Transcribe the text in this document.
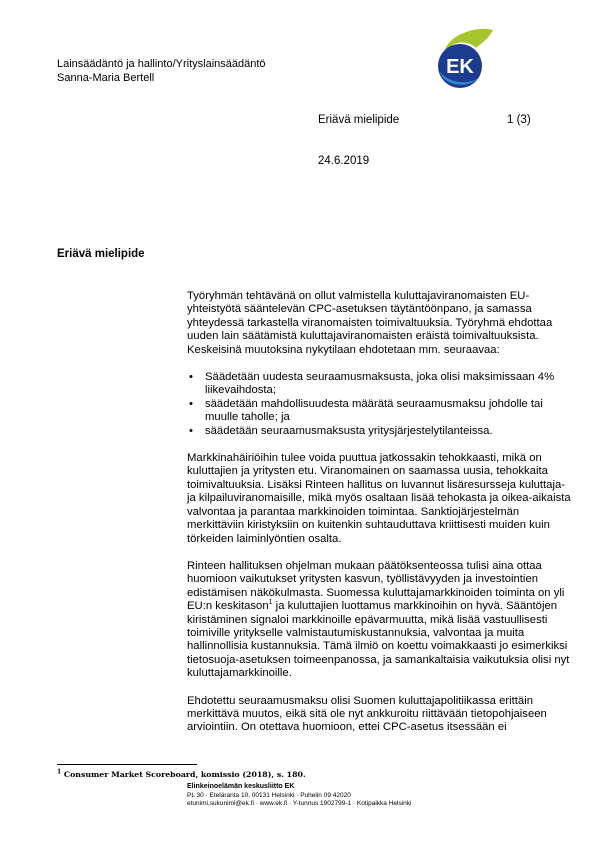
Lainsäädäntö ja hallinto/Yrityslainsäädäntö
Sanna-Maria Bertell	EK
Eriävä mielipide	1 (3)
24.6.2019
Eriävä mielipide

Työryhmän tehtävänä on ollut valmistella kuluttajaviranomaisten EU-yhteistyötä sääntelevän CPC-asetuksen täytäntöönpano, ja samassa yhteydessä tarkastella viranomaisten toimivaltuuksia. Työryhmä ehdottaa uuden lain säätämistä kuluttajaviranomaisten eräistä toimivaltuuksista. Keskeisinä muutoksina nykytilaan ehdotetaan mm. seuraavaa:

• Säädetään uudesta seuraamusmaksusta, joka olisi maksimissaan 4% liikevaihdosta;
• säädetään mahdollisuudesta määrätä seuraamusmaksu johdolle tai muulle taholle; ja
• säädetään seuraamusmaksusta yritysjärjestelytilanteissa.

Markkinahäiriöihin tulee voida puuttua jatkossakin tehokkaasti, mikä on kuluttajien ja yritysten etu. Viranomainen on saamassa uusia, tehokkaita toimivaltuuksia. Lisäksi Rinteen hallitus on luvannut lisäresursseja kuluttaja- ja kilpailuviranomaisille, mikä myös osaltaan lisää tehokasta ja oikea-aikaista valvontaa ja parantaa markkinoiden toimintaa. Sanktiojärjestelmän merkittäviin kiristyksiin on kuitenkin suhtauduttava kriittisesti muiden kuin törkeiden laiminlyöntien osalta.

Rinteen hallituksen ohjelman mukaan päätöksenteossa tulisi aina ottaa huomioon vaikutukset yritysten kasvun, työllistävyyden ja investointien edistämisen näkökulmasta. Suomessa kuluttajamarkkinoiden toiminta on yli EU:n keskitason$^1$ ja kuluttajien luottamus markkinoihin on hyvä. Sääntöjen kiristäminen signaloi markkinoille epävarmuutta, mikä lisää vastuullisesti toimiville yritykselle valmistautumiskustannuksia, valvontaa ja muita hallinnollisia kustannuksia. Tämä ilmiö on koettu voimakkaasti jo esimerkiksi tietosuoja-asetuksen toimeenpanossa, ja samankaltaisia vaikutuksia olisi nyt kuluttajamarkkinoille.

Ehdotettu seuraamusmaksu olisi Suomen kuluttajapolitiikassa erittäin merkittävä muutos, eikä sitä ole nyt ankkuroitu riittävään tietopohjaiseen arviointiin. On otettava huomioon, ettei CPC-asetus itsessään ei

$^1$ Consumer Market Scoreboard, komissio (2018), s. 180.
Elinkeinoelämän keskusliitto EK
PL 30 · Eteläranta 10, 00131 Helsinki · Puhelin 09 42020
etunimi.sukunimi@ek.fi · www.ek.fi · Y-tunnus 1902799-1 · Kotipaikka Helsinki
